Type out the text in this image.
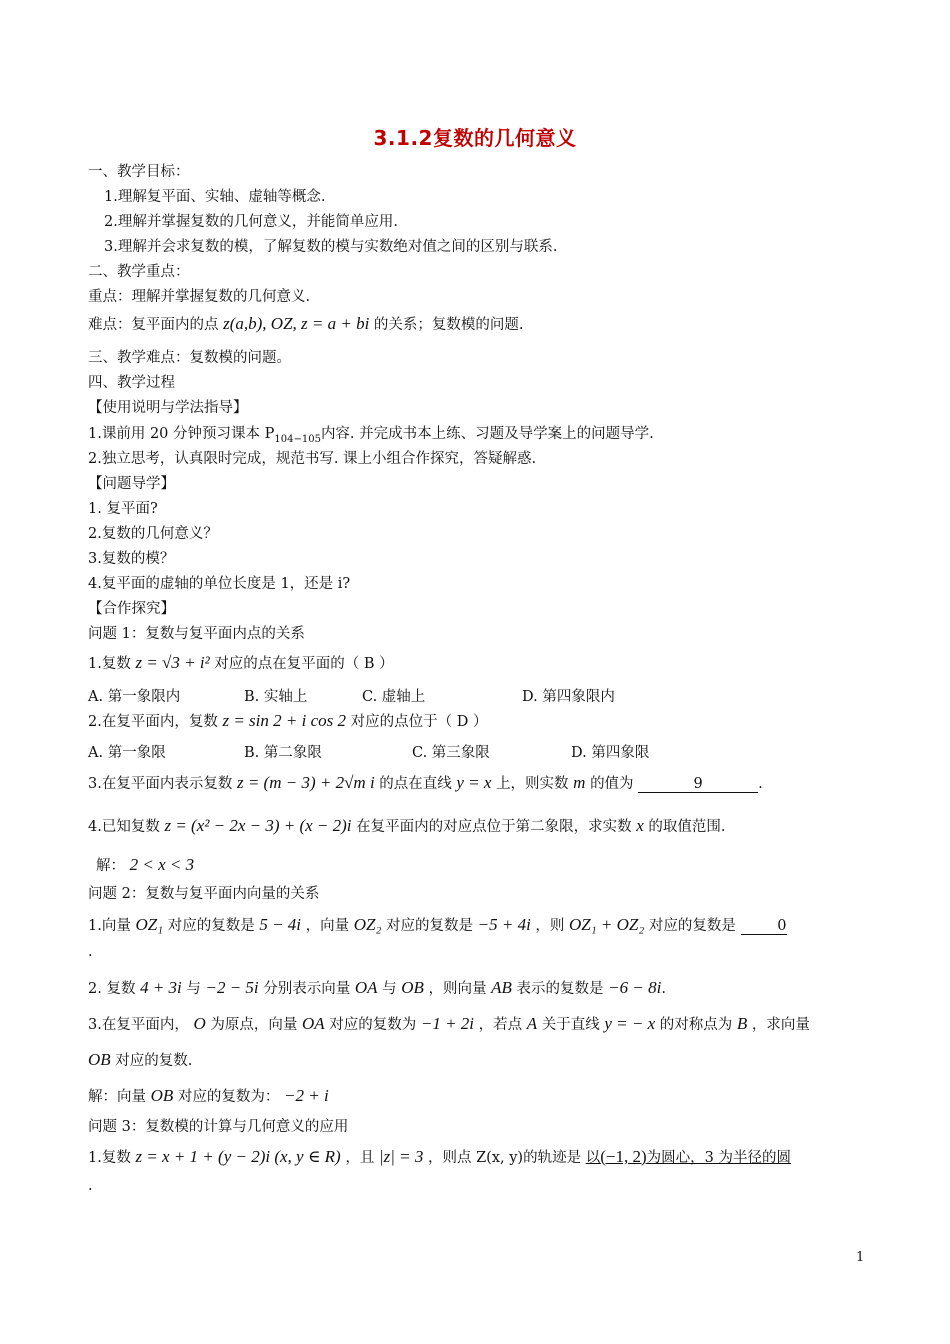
3.1.2复数的几何意义
一、教学目标：
1.理解复平面、实轴、虚轴等概念.
2.理解并掌握复数的几何意义，并能简单应用.
3.理解并会求复数的模，了解复数的模与实数绝对值之间的区别与联系.
二、教学重点：
重点：理解并掌握复数的几何意义.
难点：复平面内的点 z(a,b), OZ, z = a + bi 的关系；复数模的问题.
三、教学难点：复数模的问题。
四、教学过程
【使用说明与学法指导】
1.课前用 20 分钟预习课本 $P_{104-105}$内容. 并完成书本上练、习题及导学案上的问题导学.
2.独立思考，认真限时完成，规范书写. 课上小组合作探究，答疑解惑.
【问题导学】
1. 复平面?
2.复数的几何意义？
3.复数的模？
4.复平面的虚轴的单位长度是 1，还是 i?
【合作探究】
问题 1：复数与复平面内点的关系
1.复数 z = √3 + i² 对应的点在复平面的（ B ）
A. 第一象限内	B. 实轴上	C. 虚轴上	D. 第四象限内
2.在复平面内，复数 z = sin 2 + i cos 2 对应的点位于（ D ）
A. 第一象限	B. 第二象限	C. 第三象限	D. 第四象限
3.在复平面内表示复数 z = (m − 3) + 2√m i 的点在直线 y = x 上，则实数 m 的值为	9	.
4.已知复数 z = (x² − 2x − 3) + (x − 2)i 在复平面内的对应点位于第二象限，求实数 x 的取值范围.
解： 2 < x < 3
问题 2：复数与复平面内向量的关系
1.向量 OZ₁ 对应的复数是 5 − 4i ，向量 OZ₂ 对应的复数是 −5 + 4i ，则 OZ₁ + OZ₂ 对应的复数是	0
.
2. 复数 4 + 3i 与 −2 − 5i 分别表示向量 OA 与 OB ，则向量 AB 表示的复数是 −6 − 8i.
3.在复平面内， O 为原点，向量 OA 对应的复数为 −1 + 2i ，若点 A 关于直线 y = − x 的对称点为 B ，求向量
OB 对应的复数.
解：向量 OB 对应的复数为： −2 + i
问题 3：复数模的计算与几何意义的应用
1.复数 z = x + 1 + (y − 2)i (x, y ∈ R) ，且 |z| = 3 ，则点 Z(x, y)的轨迹是 以(−1, 2)为圆心，3 为半径的圆
.
1
